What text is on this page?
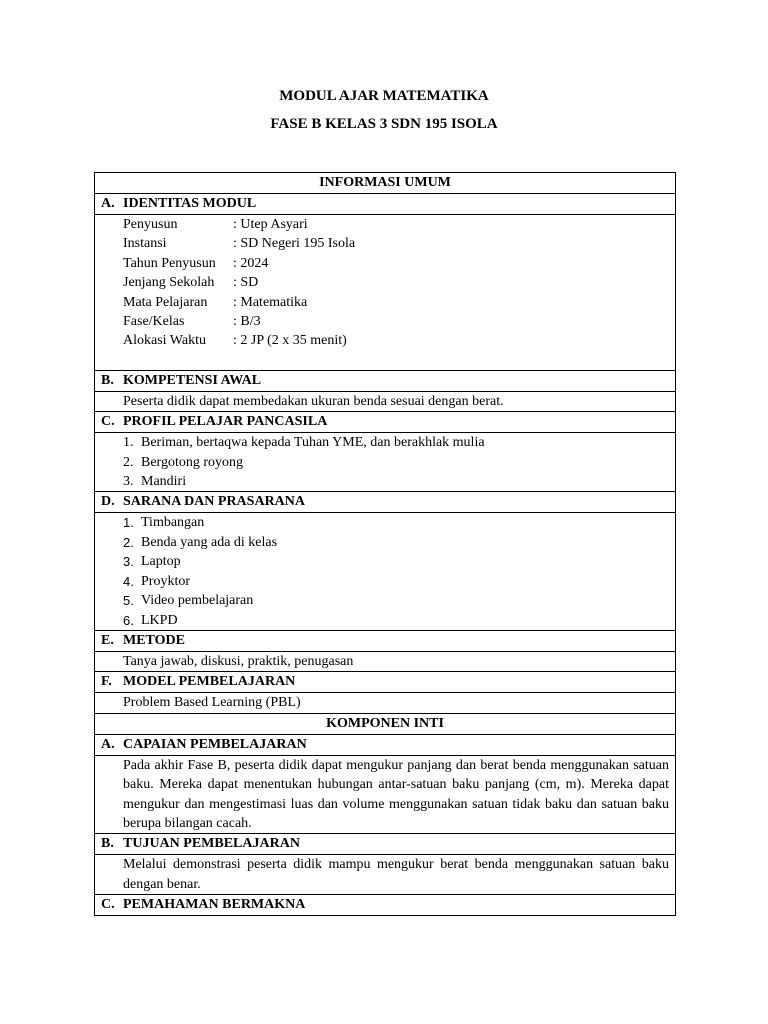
MODUL AJAR MATEMATIKA
FASE B KELAS 3 SDN 195 ISOLA
INFORMASI UMUM
A. IDENTITAS MODUL

Penyusun	: Utep Asyari
Instansi	: SD Negeri 195 Isola
Tahun Penyusun	: 2024
Jenjang Sekolah	: SD
Mata Pelajaran	: Matematika
Fase/Kelas	: B/3
Alokasi Waktu	: 2 JP (2 x 35 menit)

B. KOMPETENSI AWAL
Peserta didik dapat membedakan ukuran benda sesuai dengan berat.
C. PROFIL PELAJAR PANCASILA

1. Beriman, bertaqwa kepada Tuhan YME, dan berakhlak mulia
2. Bergotong royong
3. Mandiri

D. SARANA DAN PRASARANA

1. Timbangan
2. Benda yang ada di kelas
3. Laptop
4. Proyktor
5. Video pembelajaran
6. LKPD

E. METODE
Tanya jawab, diskusi, praktik, penugasan
F. MODEL PEMBELAJARAN
Problem Based Learning (PBL)
KOMPONEN INTI
A. CAPAIAN PEMBELAJARAN
Pada akhir Fase B, peserta didik dapat mengukur panjang dan berat benda menggunakan satuan baku. Mereka dapat menentukan hubungan antar-satuan baku panjang (cm, m). Mereka dapat mengukur dan mengestimasi luas dan volume menggunakan satuan tidak baku dan satuan baku berupa bilangan cacah.
B. TUJUAN PEMBELAJARAN
Melalui demonstrasi peserta didik mampu mengukur berat benda menggunakan satuan baku dengan benar.
C. PEMAHAMAN BERMAKNA
